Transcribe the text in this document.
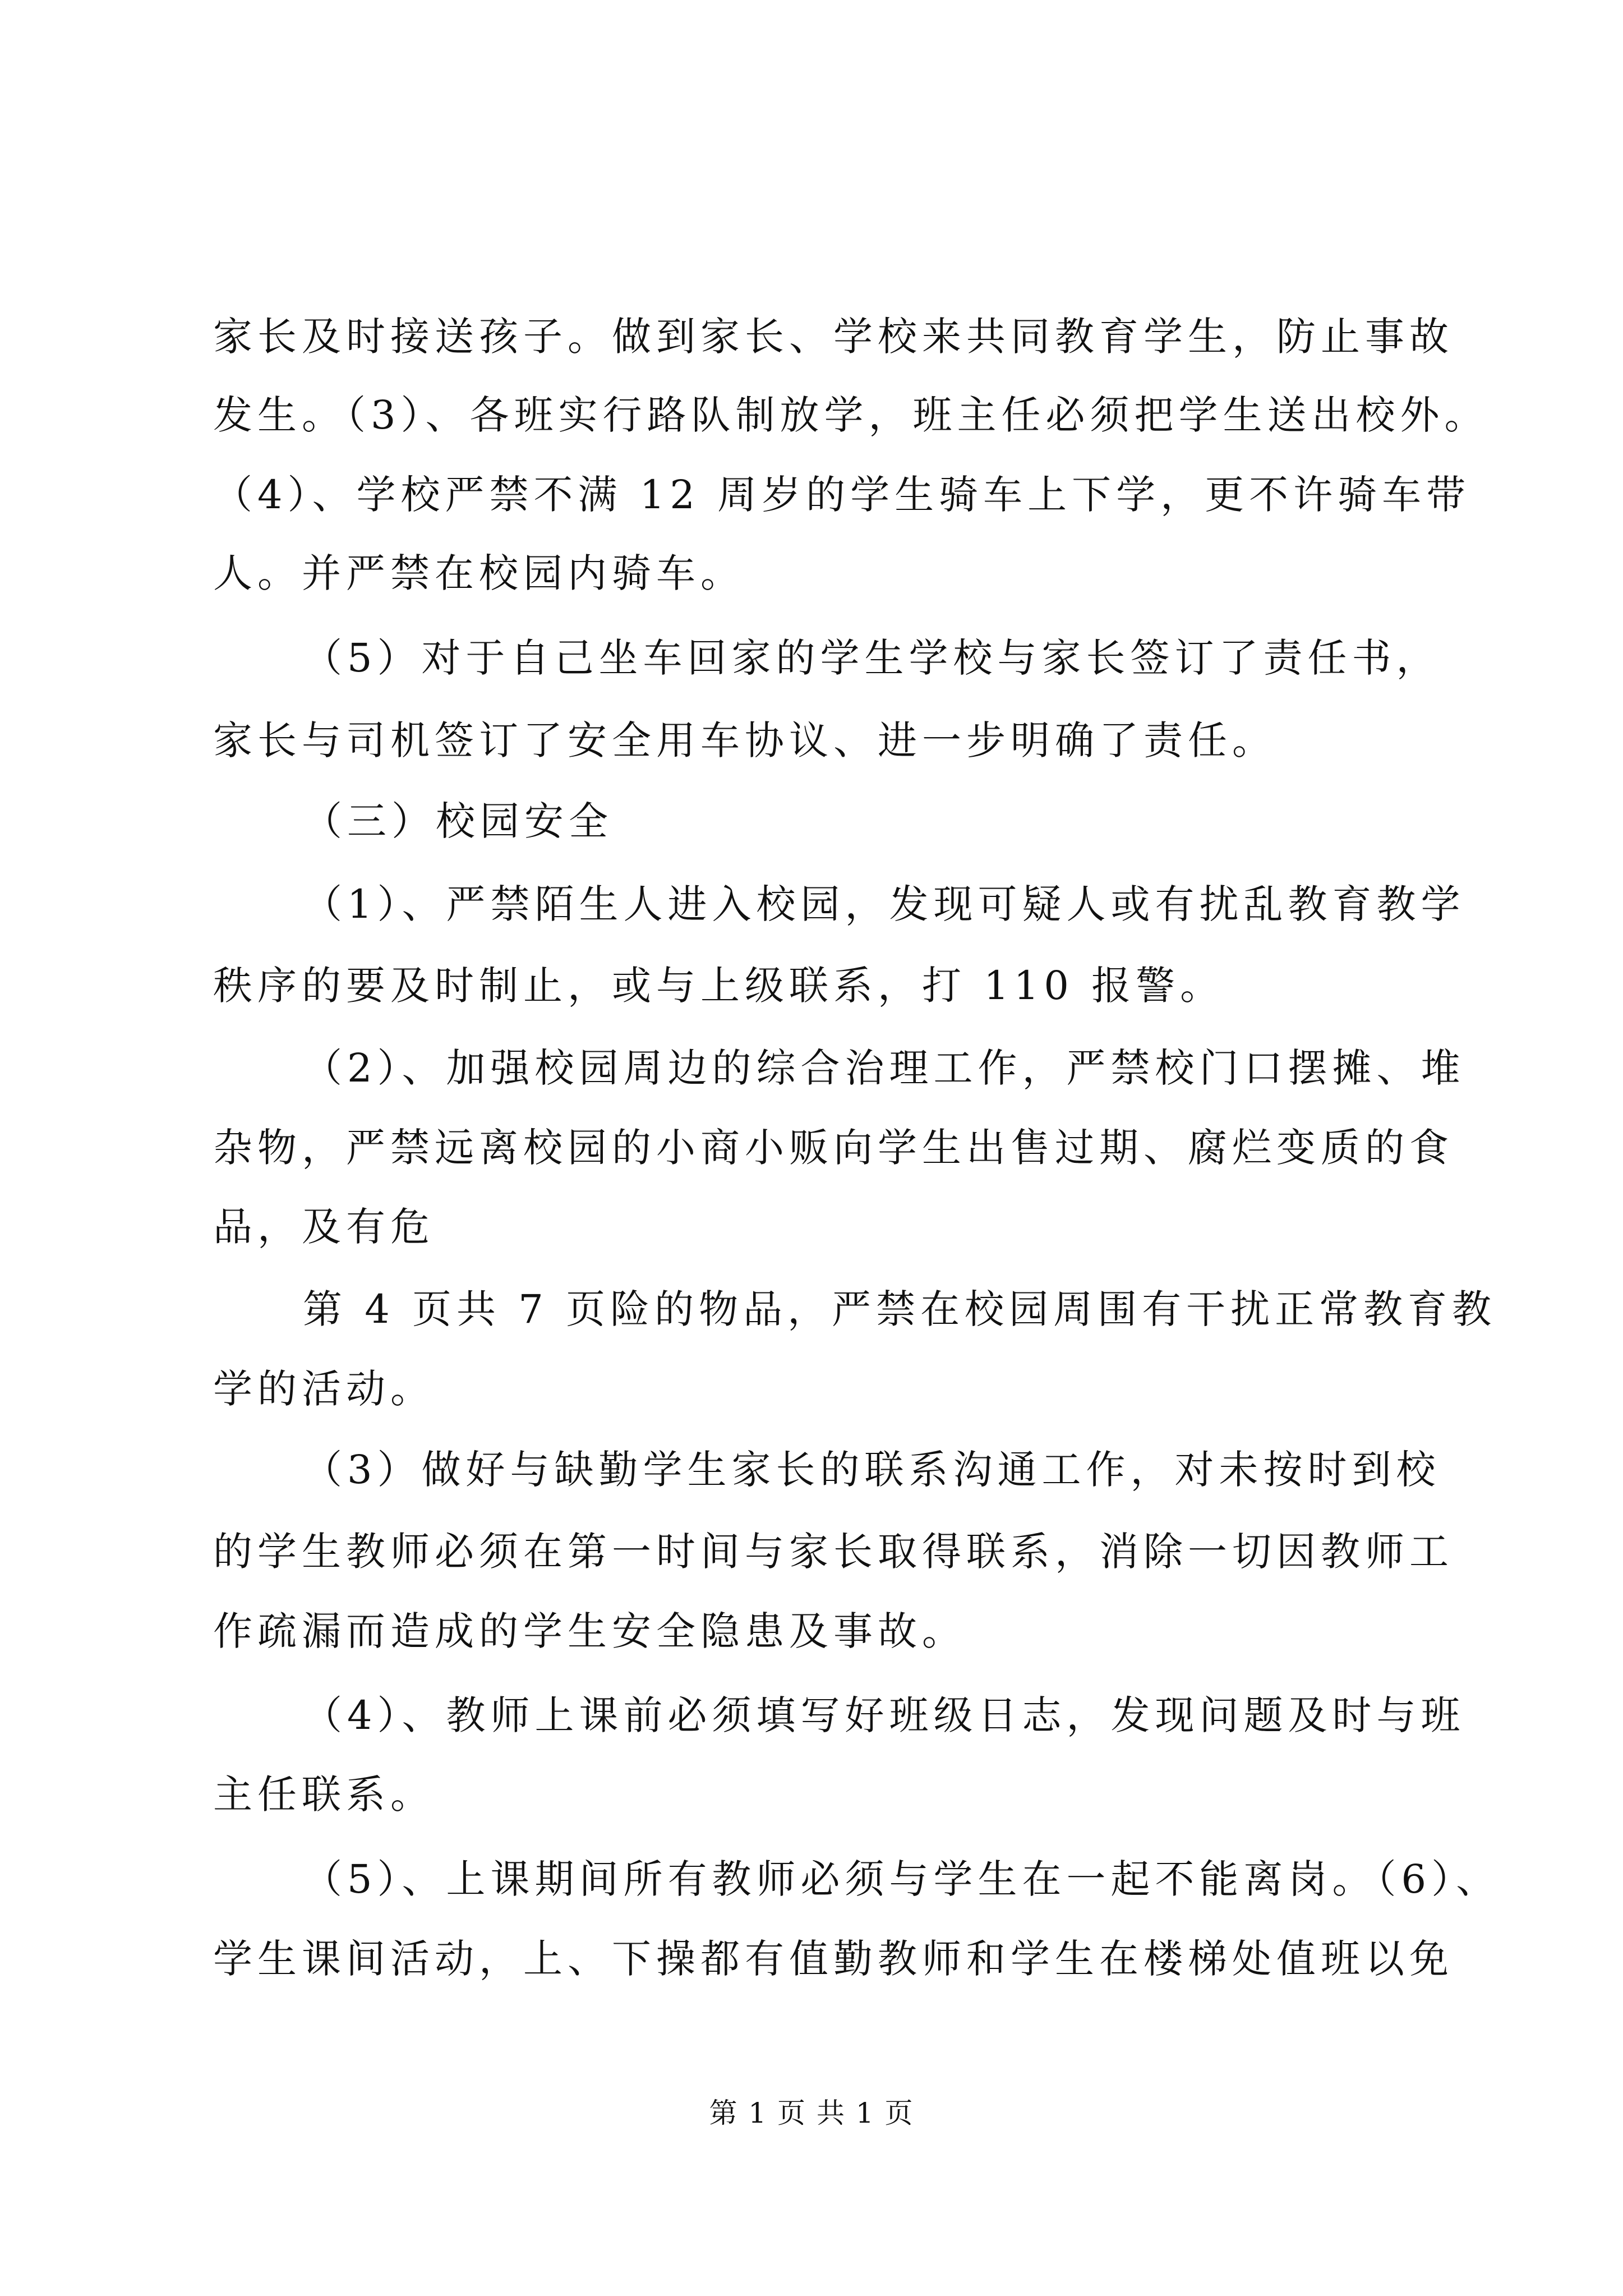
家长及时接送孩子。做到家长、学校来共同教育学生，防止事故
发生。（3）、各班实行路队制放学，班主任必须把学生送出校外。
（4）、学校严禁不满 12 周岁的学生骑车上下学，更不许骑车带
人。并严禁在校园内骑车。
（5）对于自己坐车回家的学生学校与家长签订了责任书，
家长与司机签订了安全用车协议、进一步明确了责任。
（三）校园安全
（1）、严禁陌生人进入校园，发现可疑人或有扰乱教育教学
秩序的要及时制止，或与上级联系，打 110 报警。
（2）、加强校园周边的综合治理工作，严禁校门口摆摊、堆
杂物，严禁远离校园的小商小贩向学生出售过期、腐烂变质的食
品，及有危
第 4 页共 7 页险的物品，严禁在校园周围有干扰正常教育教
学的活动。
（3）做好与缺勤学生家长的联系沟通工作，对未按时到校
的学生教师必须在第一时间与家长取得联系，消除一切因教师工
作疏漏而造成的学生安全隐患及事故。
（4）、教师上课前必须填写好班级日志，发现问题及时与班
主任联系。
（5）、上课期间所有教师必须与学生在一起不能离岗。（6）、
学生课间活动，上、下操都有值勤教师和学生在楼梯处值班以免
第 1 页 共 1 页
